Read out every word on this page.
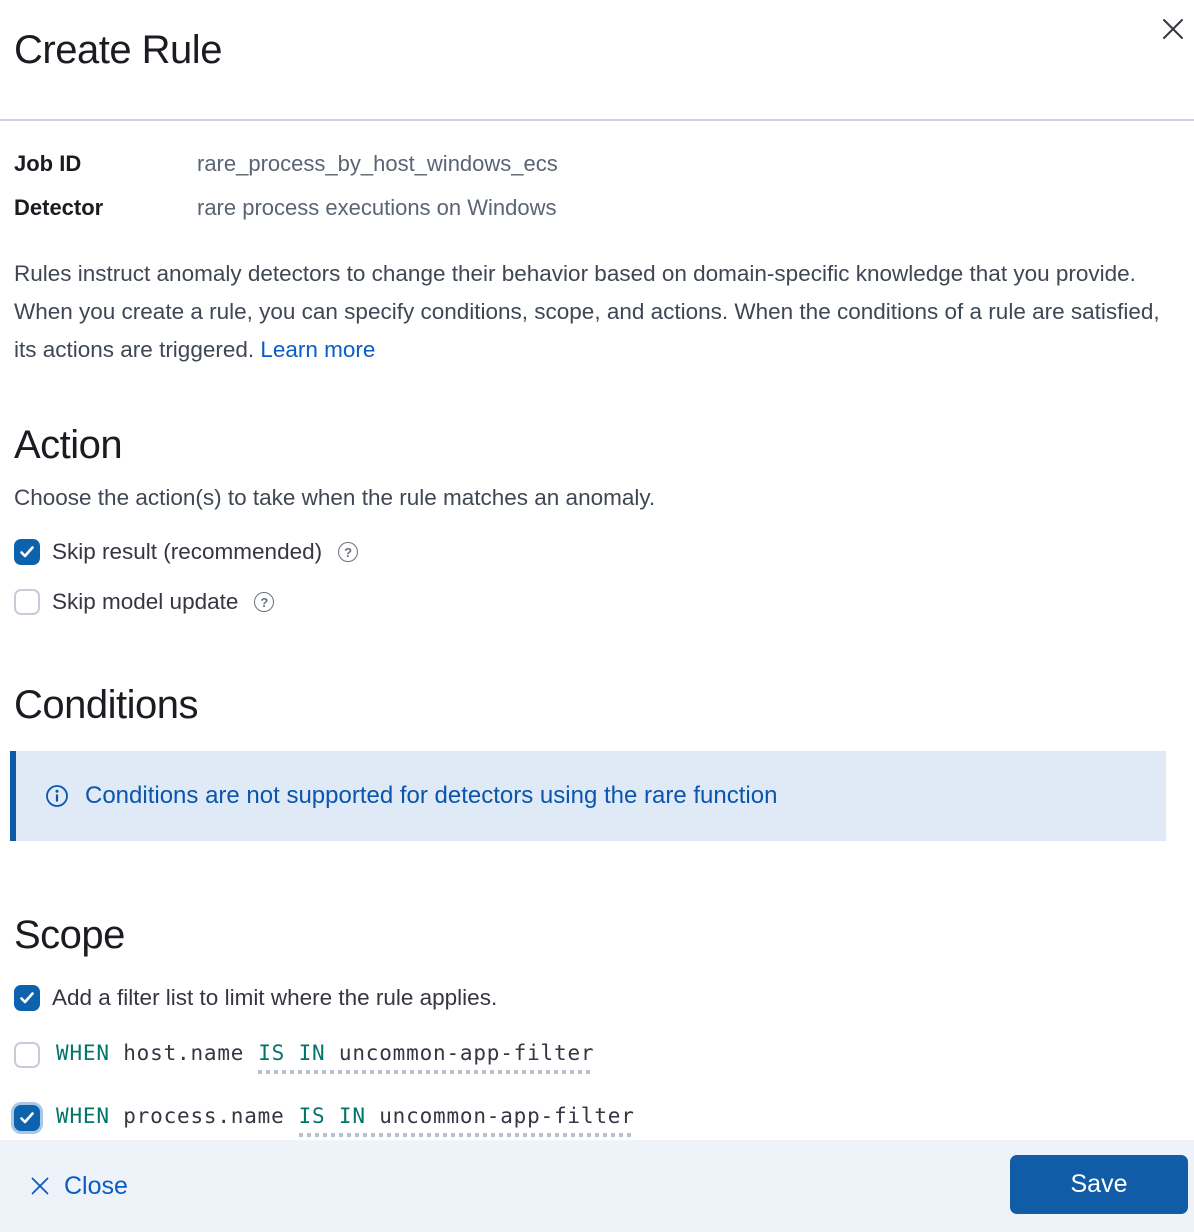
Create Rule
Job ID	rare_process_by_host_windows_ecs
Detector	rare process executions on Windows

Rules instruct anomaly detectors to change their behavior based on domain-specific knowledge that you provide. When you create a rule, you can specify conditions, scope, and actions. When the conditions of a rule are satisfied, its actions are triggered. Learn more

Action
Choose the action(s) to take when the rule matches an anomaly.
Skip result (recommended)	?
Skip model update	?
Conditions
Conditions are not supported for detectors using the rare function
Scope
Add a filter list to limit where the rule applies.
WHEN host.name IS IN uncommon-app-filter
WHEN process.name IS IN uncommon-app-filter
Close	Save
